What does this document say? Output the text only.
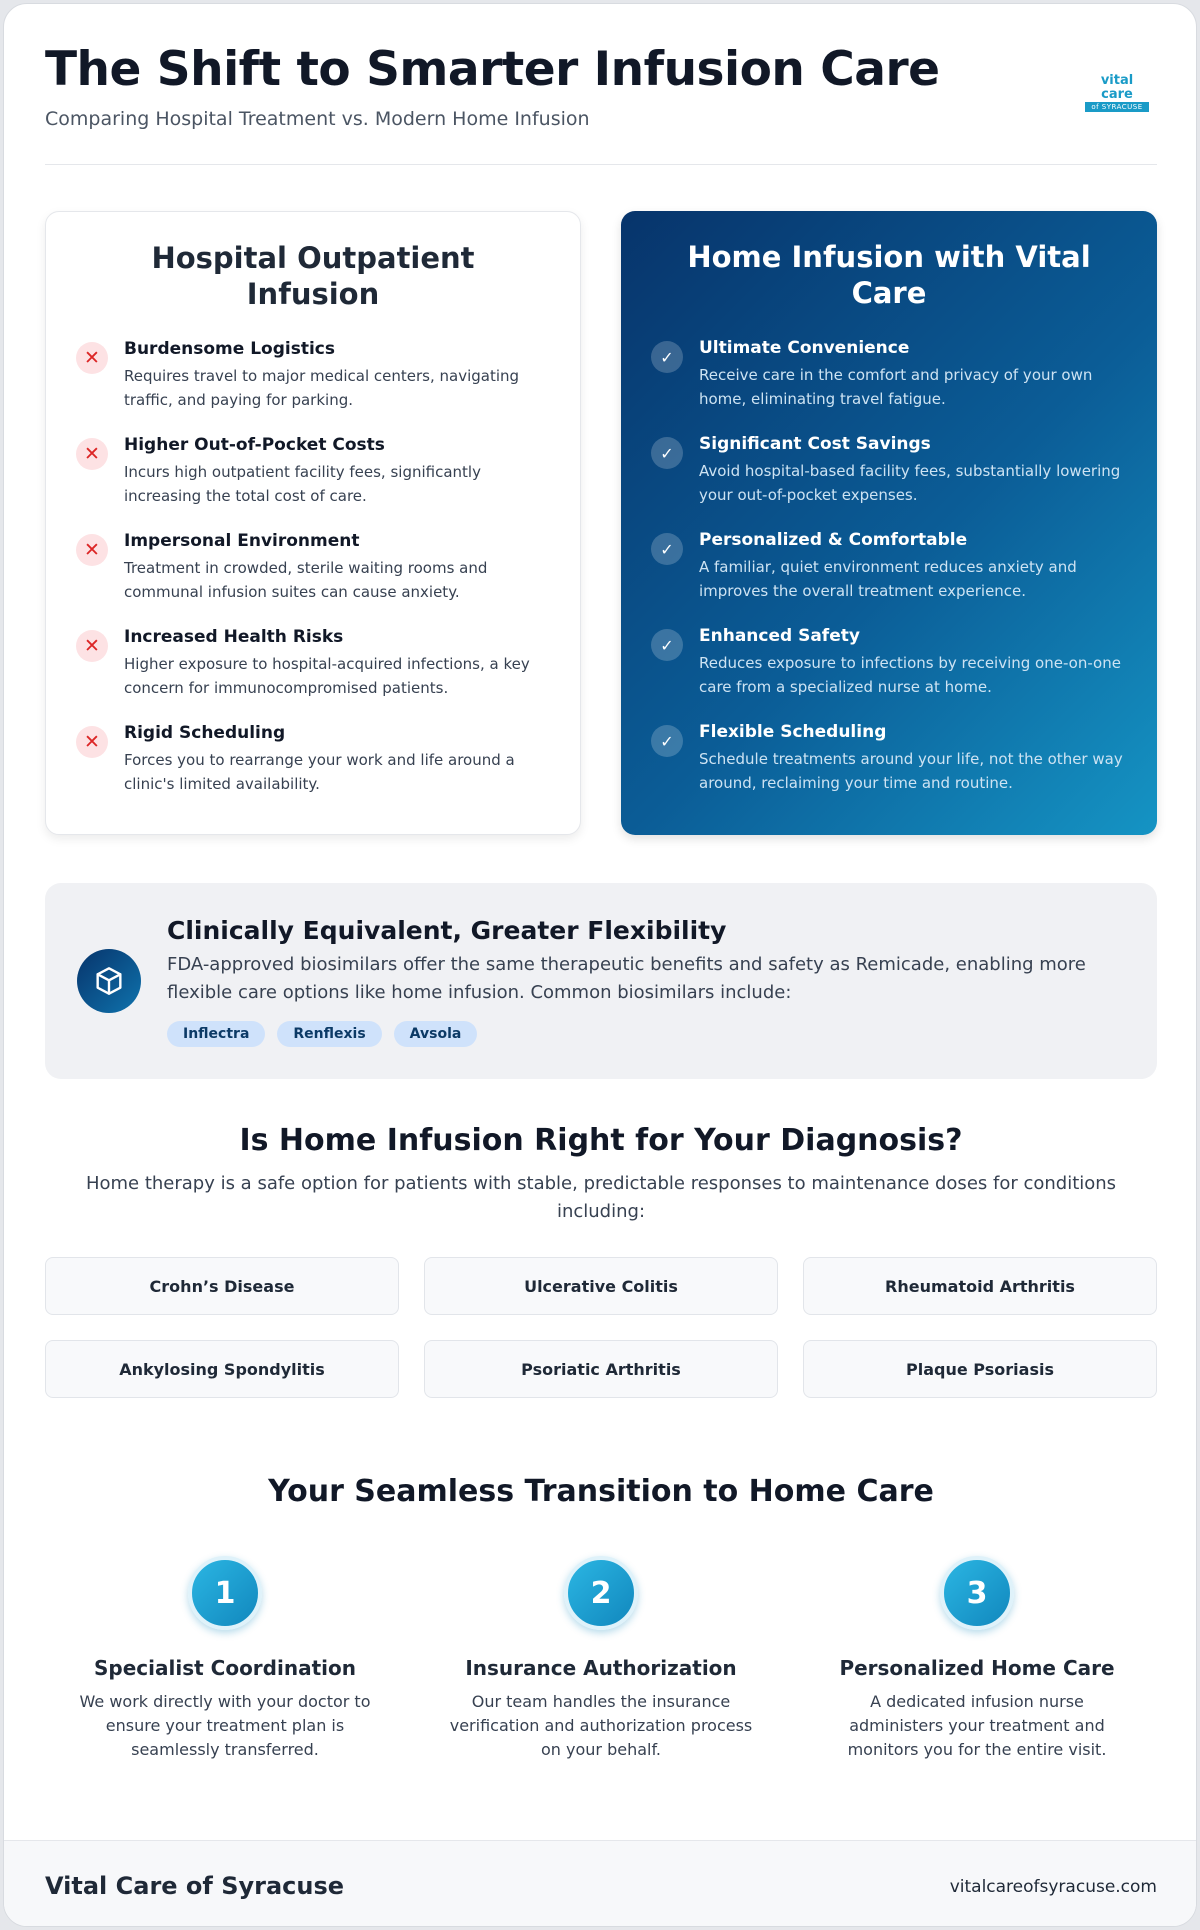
The Shift to Smarter Infusion Care

Comparing Hospital Treatment vs. Modern Home Infusion

vital care
of SYRACUSE
Hospital Outpatient Infusion
✕	Burdensome Logistics
Requires travel to major medical centers, navigating traffic, and paying for parking.
✕	Higher Out-of-Pocket Costs
Incurs high outpatient facility fees, significantly increasing the total cost of care.
✕	Impersonal Environment
Treatment in crowded, sterile waiting rooms and communal infusion suites can cause anxiety.
✕	Increased Health Risks
Higher exposure to hospital-acquired infections, a key concern for immunocompromised patients.
✕	Rigid Scheduling
Forces you to rearrange your work and life around a clinic's limited availability.
Home Infusion with Vital Care
✓	Ultimate Convenience
Receive care in the comfort and privacy of your own home, eliminating travel fatigue.
✓	Significant Cost Savings
Avoid hospital-based facility fees, substantially lowering your out-of-pocket expenses.
✓	Personalized & Comfortable
A familiar, quiet environment reduces anxiety and improves the overall treatment experience.
✓	Enhanced Safety
Reduces exposure to infections by receiving one-on-one care from a specialized nurse at home.
✓	Flexible Scheduling
Schedule treatments around your life, not the other way around, reclaiming your time and routine.
Clinically Equivalent, Greater Flexibility
FDA-approved biosimilars offer the same therapeutic benefits and safety as Remicade, enabling more flexible care options like home infusion. Common biosimilars include:
Inflectra	Renflexis	Avsola
Is Home Infusion Right for Your Diagnosis?
Home therapy is a safe option for patients with stable, predictable responses to maintenance doses for conditions including:
Crohn’s Disease	Ulcerative Colitis	Rheumatoid Arthritis
Ankylosing Spondylitis	Psoriatic Arthritis	Plaque Psoriasis
Your Seamless Transition to Home Care
1
Specialist Coordination
We work directly with your doctor to ensure your treatment plan is seamlessly transferred.
2
Insurance Authorization
Our team handles the insurance verification and authorization process on your behalf.
3
Personalized Home Care
A dedicated infusion nurse administers your treatment and monitors you for the entire visit.
Vital Care of Syracuse	vitalcareofsyracuse.com
